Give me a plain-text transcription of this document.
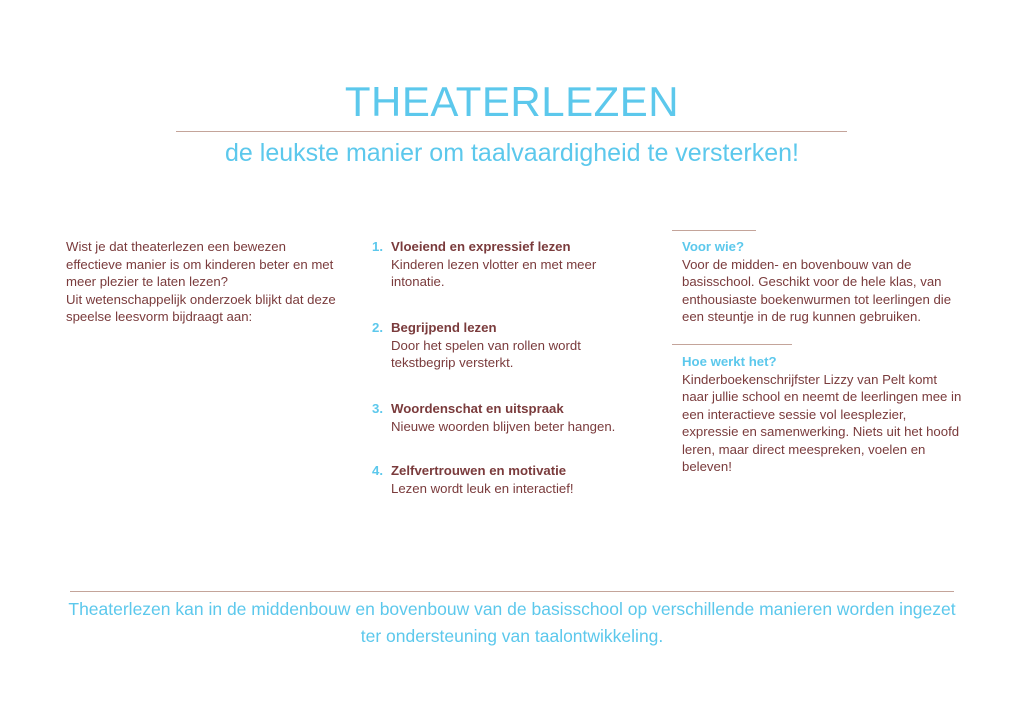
THEATERLEZEN
de leukste manier om taalvaardigheid te versterken!

Wist je dat theaterlezen een bewezen effectieve manier is om kinderen beter en met meer plezier te laten lezen?

Uit wetenschappelijk onderzoek blijkt dat deze speelse leesvorm bijdraagt aan:

1. Vloeiend en expressief lezen
Kinderen lezen vlotter en met meer intonatie.
2. Begrijpend lezen
Door het spelen van rollen wordt tekstbegrip versterkt.
3. Woordenschat en uitspraak
Nieuwe woorden blijven beter hangen.
4. Zelfvertrouwen en motivatie
Lezen wordt leuk en interactief!
Voor wie?
Voor de midden- en bovenbouw van de basisschool. Geschikt voor de hele klas, van enthousiaste boekenwurmen tot leerlingen die een steuntje in de rug kunnen gebruiken.
Hoe werkt het?
Kinderboekenschrijfster Lizzy van Pelt komt naar jullie school en neemt de leerlingen mee in een interactieve sessie vol leesplezier, expressie en samenwerking. Niets uit het hoofd leren, maar direct meespreken, voelen en beleven!
Theaterlezen kan in de middenbouw en bovenbouw van de basisschool op verschillende manieren worden ingezet ter ondersteuning van taalontwikkeling.
